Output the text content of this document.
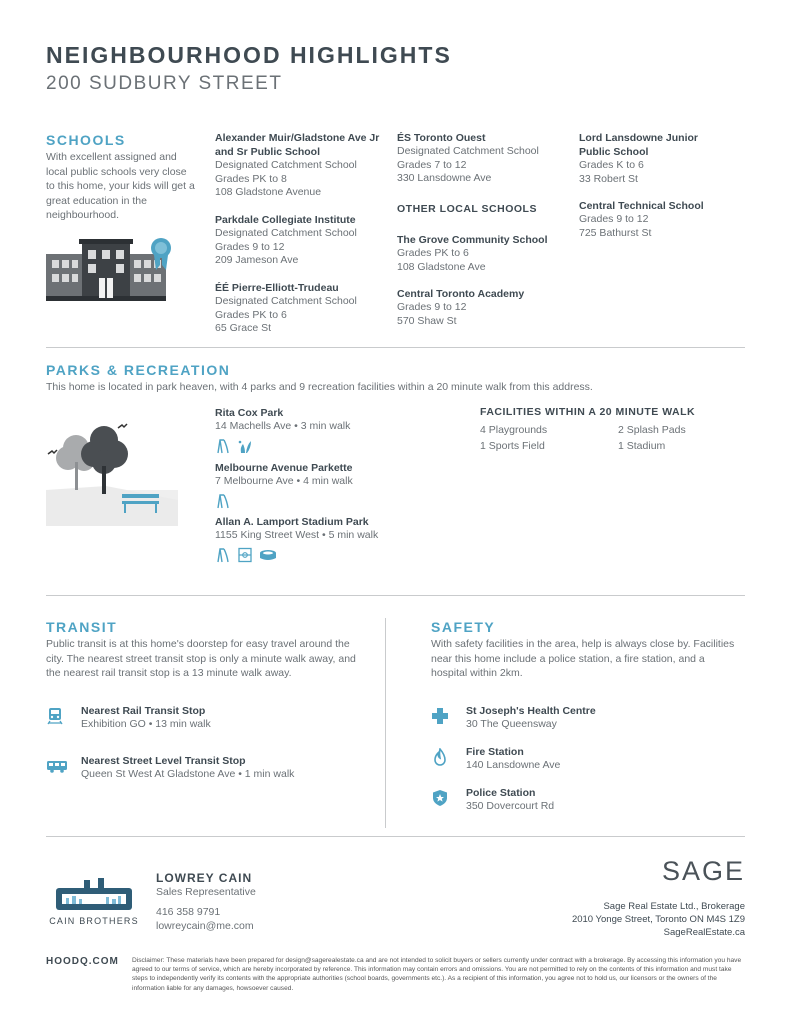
NEIGHBOURHOOD HIGHLIGHTS
200 SUDBURY STREET
SCHOOLS
With excellent assigned and local public schools very close to this home, your kids will get a great education in the neighbourhood.
Alexander Muir/Gladstone Ave Jr and Sr Public School
Designated Catchment School
Grades PK to 8
108 Gladstone Avenue
Parkdale Collegiate Institute
Designated Catchment School
Grades 9 to 12
209 Jameson Ave
ÉÉ Pierre-Elliott-Trudeau
Designated Catchment School
Grades PK to 6
65 Grace St
ÉS Toronto Ouest
Designated Catchment School
Grades 7 to 12
330 Lansdowne Ave
OTHER LOCAL SCHOOLS
The Grove Community School
Grades PK to 6
108 Gladstone Ave
Central Toronto Academy
Grades 9 to 12
570 Shaw St
Lord Lansdowne Junior Public School
Grades K to 6
33 Robert St
Central Technical School
Grades 9 to 12
725 Bathurst St
PARKS & RECREATION
This home is located in park heaven, with 4 parks and 9 recreation facilities within a 20 minute walk from this address.
Rita Cox Park
14 Machells Ave • 3 min walk
Melbourne Avenue Parkette
7 Melbourne Ave • 4 min walk
Allan A. Lamport Stadium Park
1155 King Street West • 5 min walk
FACILITIES WITHIN A 20 MINUTE WALK
4 Playgrounds	2 Splash Pads
1 Sports Field	1 Stadium
TRANSIT
Public transit is at this home's doorstep for easy travel around the city. The nearest street transit stop is only a minute walk away, and the nearest rail transit stop is a 13 minute walk away.
Nearest Rail Transit Stop
Exhibition GO • 13 min walk
Nearest Street Level Transit Stop
Queen St West At Gladstone Ave • 1 min walk
SAFETY
With safety facilities in the area, help is always close by. Facilities near this home include a police station, a fire station, and a hospital within 2km.
St Joseph's Health Centre
30 The Queensway
Fire Station
140 Lansdowne Ave
Police Station
350 Dovercourt Rd
CAIN BROTHERS
LOWREY CAIN
Sales Representative
416 358 9791
lowreycain@me.com
SAGE
Sage Real Estate Ltd., Brokerage
2010 Yonge Street, Toronto ON M4S 1Z9
SageRealEstate.ca
HOODQ.COM Disclaimer: These materials have been prepared for design@sagerealestate.ca and are not intended to solicit buyers or sellers currently under contract with a brokerage. By accessing this information you have agreed to our terms of service, which are hereby incorporated by reference. This information may contain errors and omissions. You are not permitted to rely on the contents of this information and must take steps to independently verify its contents with the appropriate authorities (school boards, governments etc.). As a recipient of this information, you agree not to hold us, our licensors or the owners of the information liable for any damages, howsoever caused.
